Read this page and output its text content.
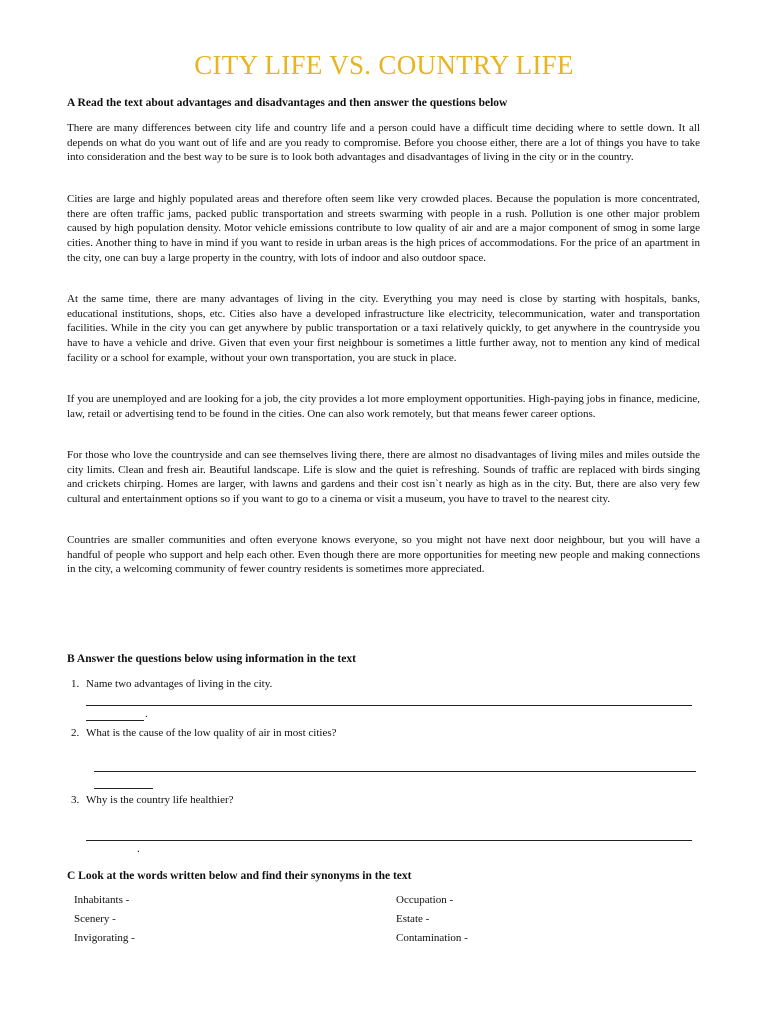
CITY LIFE VS. COUNTRY LIFE
A Read the text about advantages and disadvantages and then answer the questions below

There are many differences between city life and country life and a person could have a difficult time deciding where to settle down. It all depends on what do you want out of life and are you ready to compromise. Before you choose either, there are a lot of things you have to take into consideration and the best way to be sure is to look both advantages and disadvantages of living in the city or in the country.

Cities are large and highly populated areas and therefore often seem like very crowded places. Because the population is more concentrated, there are often traffic jams, packed public transportation and streets swarming with people in a rush. Pollution is one other major problem caused by high population density. Motor vehicle emissions contribute to low quality of air and are a major component of smog in some large cities. Another thing to have in mind if you want to reside in urban areas is the high prices of accommodations. For the price of an apartment in the city, one can buy a large property in the country, with lots of indoor and also outdoor space.

At the same time, there are many advantages of living in the city. Everything you may need is close by starting with hospitals, banks, educational institutions, shops, etc. Cities also have a developed infrastructure like electricity, telecommunication, water and transportation facilities. While in the city you can get anywhere by public transportation or a taxi relatively quickly, to get anywhere in the countryside you have to have a vehicle and drive. Given that even your first neighbour is sometimes a little further away, not to mention any kind of medical facility or a school for example, without your own transportation, you are stuck in place.

If you are unemployed and are looking for a job, the city provides a lot more employment opportunities. High-paying jobs in finance, medicine, law, retail or advertising tend to be found in the cities. One can also work remotely, but that means fewer career options.

For those who love the countryside and can see themselves living there, there are almost no disadvantages of living miles and miles outside the city limits. Clean and fresh air. Beautiful landscape. Life is slow and the quiet is refreshing. Sounds of traffic are replaced with birds singing and crickets chirping. Homes are larger, with lawns and gardens and their cost isn`t nearly as high as in the city. But, there are also very few cultural and entertainment options so if you want to go to a cinema or visit a museum, you have to travel to the nearest city.

Countries are smaller communities and often everyone knows everyone, so you might not have next door neighbour, but you will have a handful of people who support and help each other. Even though there are more opportunities for meeting new people and making connections in the city, a welcoming community of fewer country residents is sometimes more appreciated.

B Answer the questions below using information in the text
1. Name two advantages of living in the city.
.
2. What is the cause of the low quality of air in most cities?
3. Why is the country life healthier?
.
C Look at the words written below and find their synonyms in the text
Inhabitants -	Occupation -
Scenery -	Estate -
Invigorating -	Contamination -
